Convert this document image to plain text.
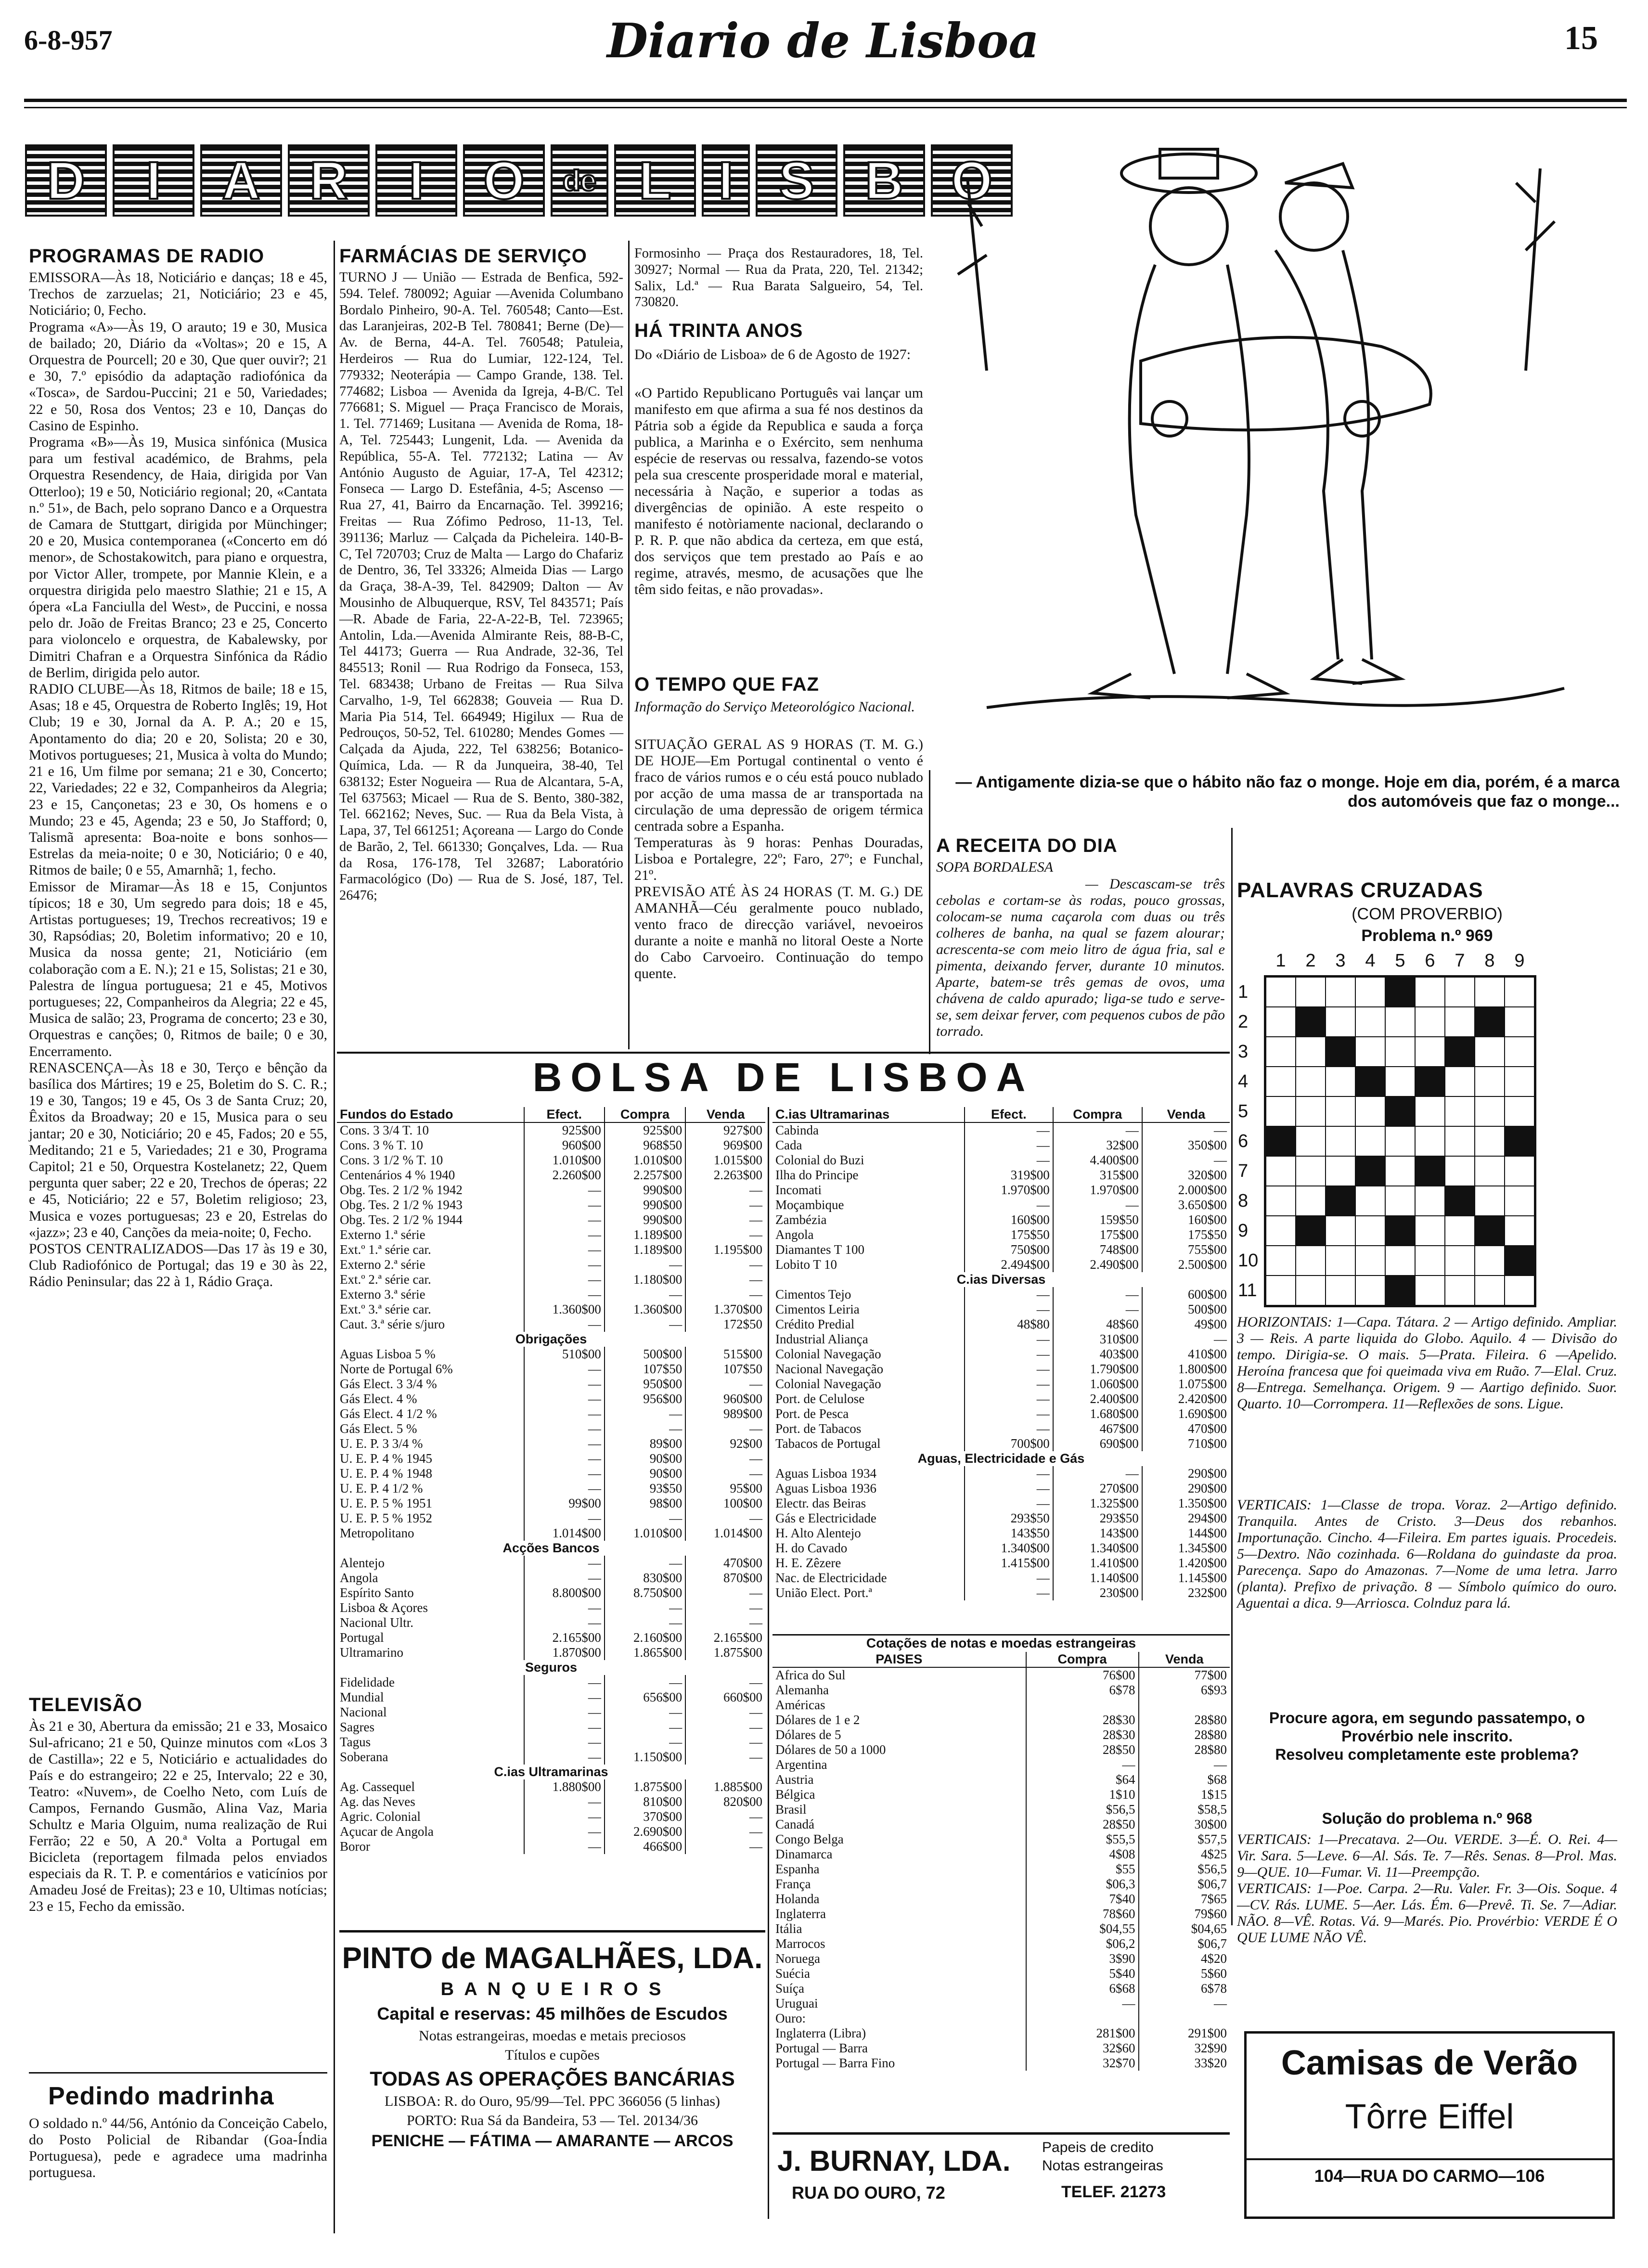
6-8-957	Diario de Lisboa	15
D	I	A R	I	O	de L I S B O
PROGRAMAS DE RADIO
EMISSORA—Às 18, Noticiário e danças; 18 e 45, Trechos de zarzuelas; 21, Noticiário; 23 e 45, Noticiário; 0, Fecho.
Programa «A»—Às 19, O arauto; 19 e 30, Musica de bailado; 20, Diário da «Voltas»; 20 e 15, A Orquestra de Pourcell; 20 e 30, Que quer ouvir?; 21 e 30, 7.º episódio da adaptação radiofónica da «Tosca», de Sardou-Puccini; 21 e 50, Variedades; 22 e 50, Rosa dos Ventos; 23 e 10, Danças do Casino de Espinho.
Programa «B»—Às 19, Musica sinfónica (Musica para um festival académico, de Brahms, pela Orquestra Resendency, de Haia, dirigida por Van Otterloo); 19 e 50, Noticiário regional; 20, «Cantata n.º 51», de Bach, pelo soprano Danco e a Orquestra de Camara de Stuttgart, dirigida por Münchinger; 20 e 20, Musica contemporanea («Concerto em dó menor», de Schostakowitch, para piano e orquestra, por Victor Aller, trompete, por Mannie Klein, e a orquestra dirigida pelo maestro Slathie; 21 e 15, A ópera «La Fanciulla del West», de Puccini, e nossa pelo dr. João de Freitas Branco; 23 e 25, Concerto para violoncelo e orquestra, de Kabalewsky, por Dimitri Chafran e a Orquestra Sinfónica da Rádio de Berlim, dirigida pelo autor.
RADIO CLUBE—Às 18, Ritmos de baile; 18 e 15, Asas; 18 e 45, Orquestra de Roberto Inglês; 19, Hot Club; 19 e 30, Jornal da A. P. A.; 20 e 15, Apontamento do dia; 20 e 20, Solista; 20 e 30, Motivos portugueses; 21, Musica à volta do Mundo; 21 e 16, Um filme por semana; 21 e 30, Concerto; 22, Variedades; 22 e 32, Companheiros da Alegria; 23 e 15, Cançonetas; 23 e 30, Os homens e o Mundo; 23 e 45, Agenda; 23 e 50, Jo Stafford; 0, Talismã apresenta: Boa-noite e bons sonhos—Estrelas da meia-noite; 0 e 30, Noticiário; 0 e 40, Ritmos de baile; 0 e 55, Amarnhã; 1, fecho.
Emissor de Miramar—Às 18 e 15, Conjuntos típicos; 18 e 30, Um segredo para dois; 18 e 45, Artistas portugueses; 19, Trechos recreativos; 19 e 30, Rapsódias; 20, Boletim informativo; 20 e 10, Musica da nossa gente; 21, Noticiário (em colaboração com a E. N.); 21 e 15, Solistas; 21 e 30, Palestra de língua portuguesa; 21 e 45, Motivos portugueses; 22, Companheiros da Alegria; 22 e 45, Musica de salão; 23, Programa de concerto; 23 e 30, Orquestras e canções; 0, Ritmos de baile; 0 e 30, Encerramento.
RENASCENÇA—Às 18 e 30, Terço e bênção da basílica dos Mártires; 19 e 25, Boletim do S. C. R.; 19 e 30, Tangos; 19 e 45, Os 3 de Santa Cruz; 20, Êxitos da Broadway; 20 e 15, Musica para o seu jantar; 20 e 30, Noticiário; 20 e 45, Fados; 20 e 55, Meditando; 21 e 5, Variedades; 21 e 30, Programa Capitol; 21 e 50, Orquestra Kostelanetz; 22, Quem pergunta quer saber; 22 e 20, Trechos de óperas; 22 e 45, Noticiário; 22 e 57, Boletim religioso; 23, Musica e vozes portuguesas; 23 e 20, Estrelas do «jazz»; 23 e 40, Canções da meia-noite; 0, Fecho.
POSTOS CENTRALIZADOS—Das 17 às 19 e 30, Club Radiofónico de Portugal; das 19 e 30 às 22, Rádio Peninsular; das 22 à 1, Rádio Graça.
TELEVISÃO
Às 21 e 30, Abertura da emissão; 21 e 33, Mosaico Sul-africano; 21 e 50, Quinze minutos com «Los 3 de Castilla»; 22 e 5, Noticiário e actualidades do País e do estrangeiro; 22 e 25, Intervalo; 22 e 30, Teatro: «Nuvem», de Coelho Neto, com Luís de Campos, Fernando Gusmão, Alina Vaz, Maria Schultz e Maria Olguim, numa realização de Rui Ferrão; 22 e 50, A 20.ª Volta a Portugal em Bicicleta (reportagem filmada pelos enviados especiais da R. T. P. e comentários e vaticínios por Amadeu José de Freitas); 23 e 10, Ultimas notícias; 23 e 15, Fecho da emissão.
Pedindo madrinha
O soldado n.º 44/56, António da Conceição Cabelo, do Posto Policial de Ribandar (Goa-Índia Portuguesa), pede e agradece uma madrinha portuguesa.
FARMÁCIAS DE SERVIÇO
TURNO J — União — Estrada de Benfica, 592-594. Telef. 780092; Aguiar —Avenida Columbano Bordalo Pinheiro, 90-A. Tel. 760548; Canto—Est. das Laranjeiras, 202-B Tel. 780841; Berne (De)—Av. de Berna, 44-A. Tel. 760548; Patuleia, Herdeiros — Rua do Lumiar, 122-124, Tel. 779332; Neoterápia — Campo Grande, 138. Tel. 774682; Lisboa — Avenida da Igreja, 4-B/C. Tel 776681; S. Miguel — Praça Francisco de Morais, 1. Tel. 771469; Lusitana — Avenida de Roma, 18-A, Tel. 725443; Lungenit, Lda. — Avenida da República, 55-A. Tel. 772132; Latina — Av António Augusto de Aguiar, 17-A, Tel 42312; Fonseca — Largo D. Estefânia, 4-5; Ascenso — Rua 27, 41, Bairro da Encarnação. Tel. 399216; Freitas — Rua Zófimo Pedroso, 11-13, Tel. 391136; Marluz — Calçada da Picheleira. 140-B-C, Tel 720703; Cruz de Malta — Largo do Chafariz de Dentro, 36, Tel 33326; Almeida Dias — Largo da Graça, 38-A-39, Tel. 842909; Dalton — Av Mousinho de Albuquerque, RSV, Tel 843571; País—R. Abade de Faria, 22-A-22-B, Tel. 723965; Antolin, Lda.—Avenida Almirante Reis, 88-B-C, Tel 44173; Guerra — Rua Andrade, 32-36, Tel 845513; Ronil — Rua Rodrigo da Fonseca, 153, Tel. 683438; Urbano de Freitas — Rua Silva Carvalho, 1-9, Tel 662838; Gouveia — Rua D. Maria Pia 514, Tel. 664949; Higilux — Rua de Pedrouços, 50-52, Tel. 610280; Mendes Gomes — Calçada da Ajuda, 222, Tel 638256; Botanico-Química, Lda. — R da Junqueira, 38-40, Tel 638132; Ester Nogueira — Rua de Alcantara, 5-A, Tel 637563; Micael — Rua de S. Bento, 380-382, Tel. 662162; Neves, Suc. — Rua da Bela Vista, à Lapa, 37, Tel 661251; Açoreana — Largo do Conde de Barão, 2, Tel. 661330; Gonçalves, Lda. — Rua da Rosa, 176-178, Tel 32687; Laboratório Farmacológico (Do) — Rua de S. José, 187, Tel. 26476;
Formosinho — Praça dos Restauradores, 18, Tel. 30927; Normal — Rua da Prata, 220, Tel. 21342; Salix, Ld.ª — Rua Barata Salgueiro, 54, Tel. 730820.
HÁ TRINTA ANOS
Do «Diário de Lisboa» de 6 de Agosto de 1927:
«O Partido Republicano Português vai lançar um manifesto em que afirma a sua fé nos destinos da Pátria sob a égide da Republica e sauda a força publica, a Marinha e o Exército, sem nenhuma espécie de reservas ou ressalva, fazendo-se votos pela sua crescente prosperidade moral e material, necessária à Nação, e superior a todas as divergências de opinião. A este respeito o manifesto é notòriamente nacional, declarando o P. R. P. que não abdica da certeza, em que está, dos serviços que tem prestado ao País e ao regime, através, mesmo, de acusações que lhe têm sido feitas, e não provadas».
O TEMPO QUE FAZ
Informação do Serviço Meteorológico Nacional.
SITUAÇÃO GERAL AS 9 HORAS (T. M. G.) DE HOJE—Em Portugal continental o vento é fraco de vários rumos e o céu está pouco nublado por acção de uma massa de ar transportada na circulação de uma depressão de origem térmica centrada sobre a Espanha.
Temperaturas às 9 horas: Penhas Douradas, Lisboa e Portalegre, 22º; Faro, 27º; e Funchal, 21º.
PREVISÃO ATÉ ÀS 24 HORAS (T. M. G.) DE AMANHÃ—Céu geralmente pouco nublado, vento fraco de direcção variável, nevoeiros durante a noite e manhã no litoral Oeste a Norte do Cabo Carvoeiro. Continuação do tempo quente.
— Antigamente dizia-se que o hábito não faz o monge. Hoje em dia, porém, é a marca dos automóveis que faz o monge...
A RECEITA DO DIA
SOPA BORDALESA
— Descascam-se três cebolas e cortam-se às rodas, pouco grossas, colocam-se numa caçarola com duas ou três colheres de banha, na qual se fazem alourar; acrescenta-se com meio litro de água fria, sal e pimenta, deixando ferver, durante 10 minutos. Aparte, batem-se três gemas de ovos, uma chávena de caldo apurado; liga-se tudo e serve-se, sem deixar ferver, com pequenos cubos de pão torrado.
PALAVRAS CRUZADAS
(COM PROVERBIO)
Problema n.º 969
1	2	3	4	5	6	7	8	9
1
2
3
4
5
6
7
8
9
10
11
HORIZONTAIS: 1—Capa. Tátara. 2 — Artigo definido. Ampliar. 3 — Reis. A parte liquida do Globo. Aquilo. 4 — Divisão do tempo. Dirigia-se. O mais. 5—Prata. Fileira. 6 —Apelido. Heroína francesa que foi queimada viva em Ruão. 7—Elal. Cruz. 8—Entrega. Semelhança. Origem. 9 — Aartigo definido. Suor. Quarto. 10—Corrompera. 11—Reflexões de sons. Ligue.
VERTICAIS: 1—Classe de tropa. Voraz. 2—Artigo definido. Tranquila. Antes de Cristo. 3—Deus dos rebanhos. Importunação. Cincho. 4—Fileira. Em partes iguais. Procedeis. 5—Dextro. Não cozinhada. 6—Roldana do guindaste da proa. Parecença. Sapo do Amazonas. 7—Nome de uma letra. Jarro (planta). Prefixo de privação. 8 — Símbolo químico do ouro. Aguentai a dica. 9—Arriosca. Colnduz para lá.
Procure agora, em segundo passatempo, o Provérbio nele inscrito.
Resolveu completamente este problema?
Solução do problema n.º 968
VERTICAIS: 1—Precatava. 2—Ou. VERDE. 3—É. O. Rei. 4—Vir. Sara. 5—Leve. 6—Al. Sás. Te. 7—Rês. Senas. 8—Prol. Mas. 9—QUE. 10—Fumar. Vi. 11—Preempção.
VERTICAIS: 1—Poe. Carpa. 2—Ru. Valer. Fr. 3—Ois. Soque. 4—CV. Rás. LUME. 5—Aer. Lás. Ém. 6—Prevê. Ti. Se. 7—Adiar. NÃO. 8—VÊ. Rotas. Vá. 9—Marés. Pio. Provérbio: VERDE É O QUE LUME NÃO VÊ.
Camisas de Verão
Tôrre Eiffel
104—RUA DO CARMO—106
BOLSA DE LISBOA
Fundos do Estado	Efect.	Compra	Venda
Cons. 3 3/4 T. 10	925$00	925$00	927$00
Cons. 3 % T. 10	960$00	968$50	969$00
Cons. 3 1/2 % T. 10	1.010$00	1.010$00	1.015$00
Centenários 4 % 1940	2.260$00	2.257$00	2.263$00
Obg. Tes. 2 1/2 % 1942	—	990$00	—
Obg. Tes. 2 1/2 % 1943	—	990$00	—
Obg. Tes. 2 1/2 % 1944	—	990$00	—
Externo 1.ª série	—	1.189$00	—
Ext.º 1.ª série car.	—	1.189$00	1.195$00
Externo 2.ª série	—	—	—
Ext.º 2.ª série car.	—	1.180$00	—
Externo 3.ª série	—	—	—
Ext.º 3.ª série car.	1.360$00	1.360$00	1.370$00
Caut. 3.ª série s/juro	—	—	172$50
Obrigações			
Aguas Lisboa 5 %	510$00	500$00	515$00
Norte de Portugal 6%	—	107$50	107$50
Gás Elect. 3 3/4 %	—	950$00	—
Gás Elect. 4 %	—	956$00	960$00
Gás Elect. 4 1/2 %	—	—	989$00
Gás Elect. 5 %	—	—	—
U. E. P. 3 3/4 %	—	89$00	92$00
U. E. P. 4 % 1945	—	90$00	—
U. E. P. 4 % 1948	—	90$00	—
U. E. P. 4 1/2 %	—	93$50	95$00
U. E. P. 5 % 1951	99$00	98$00	100$00
U. E. P. 5 % 1952	—	—	—
Metropolitano	1.014$00	1.010$00	1.014$00
Acções Bancos			
Alentejo	—	—	470$00
Angola	—	830$00	870$00
Espírito Santo	8.800$00	8.750$00	—
Lisboa & Açores	—	—	—
Nacional Ultr.	—	—	—
Portugal	2.165$00	2.160$00	2.165$00
Ultramarino	1.870$00	1.865$00	1.875$00
Seguros			
Fidelidade	—	—	—
Mundial	—	656$00	660$00
Nacional	—	—	—
Sagres	—	—	—
Tagus	—	—	—
Soberana	—	1.150$00	—
C.ias Ultramarinas			
Ag. Cassequel	1.880$00	1.875$00	1.885$00
Ag. das Neves	—	810$00	820$00
Agric. Colonial	—	370$00	—
Açucar de Angola	—	2.690$00	—
Boror	—	466$00	—
C.ias Ultramarinas	Efect.	Compra	Venda
Cabinda	—	—	—
Cada	—	32$00	350$00
Colonial do Buzi	—	4.400$00	—
Ilha do Principe	319$00	315$00	320$00
Incomati	1.970$00	1.970$00	2.000$00
Moçambique	—	—	3.650$00
Zambézia	160$00	159$50	160$00
Angola	175$50	175$00	175$50
Diamantes T 100	750$00	748$00	755$00
Lobito T 10	2.494$00	2.490$00	2.500$00
C.ias Diversas			
Cimentos Tejo	—	—	600$00
Cimentos Leiria	—	—	500$00
Crédito Predial	48$80	48$60	49$00
Industrial Aliança	—	310$00	—
Colonial Navegação	—	403$00	410$00
Nacional Navegação	—	1.790$00	1.800$00
Colonial Navegação	—	1.060$00	1.075$00
Port. de Celulose	—	2.400$00	2.420$00
Port. de Pesca	—	1.680$00	1.690$00
Port. de Tabacos	—	467$00	470$00
Tabacos de Portugal	700$00	690$00	710$00
Aguas, Electricidade e Gás			
Aguas Lisboa 1934	—	—	290$00
Aguas Lisboa 1936	—	270$00	290$00
Electr. das Beiras	—	1.325$00	1.350$00
Gás e Electricidade	293$50	293$50	294$00
H. Alto Alentejo	143$50	143$00	144$00
H. do Cavado	1.340$00	1.340$00	1.345$00
H. E. Zêzere	1.415$00	1.410$00	1.420$00
Nac. de Electricidade	—	1.140$00	1.145$00
União Elect. Port.ª	—	230$00	232$00
Cotações de notas e moedas estrangeiras
PAISES	Compra	Venda
Africa do Sul	76$00	77$00
Alemanha	6$78	6$93
Américas		
Dólares de 1 e 2	28$30	28$80
Dólares de 5	28$30	28$80
Dólares de 50 a 1000	28$50	28$80
Argentina	—	—
Austria	$64	$68
Bélgica	1$10	1$15
Brasil	$56,5	$58,5
Canadá	28$50	30$00
Congo Belga	$55,5	$57,5
Dinamarca	4$08	4$25
Espanha	$55	$56,5
França	$06,3	$06,7
Holanda	7$40	7$65
Inglaterra	78$60	79$60
Itália	$04,55	$04,65
Marrocos	$06,2	$06,7
Noruega	3$90	4$20
Suécia	5$40	5$60
Suíça	6$68	6$78
Uruguai	—	—
Ouro:		
Inglaterra (Libra)	281$00	291$00
Portugal — Barra	32$60	32$90
Portugal — Barra Fino	32$70	33$20
PINTO de MAGALHÃES, LDA.
B A N Q U E I R O S
Capital e reservas: 45 milhões de Escudos
Notas estrangeiras, moedas e metais preciosos
Títulos e cupões
TODAS AS OPERAÇÕES BANCÁRIAS
LISBOA: R. do Ouro, 95/99—Tel. PPC 366056 (5 linhas)
PORTO: Rua Sá da Bandeira, 53 — Tel. 20134/36
PENICHE — FÁTIMA — AMARANTE — ARCOS
J. BURNAY, LDA.
RUA DO OURO, 72
Papeis de credito
Notas estrangeiras
TELEF. 21273
